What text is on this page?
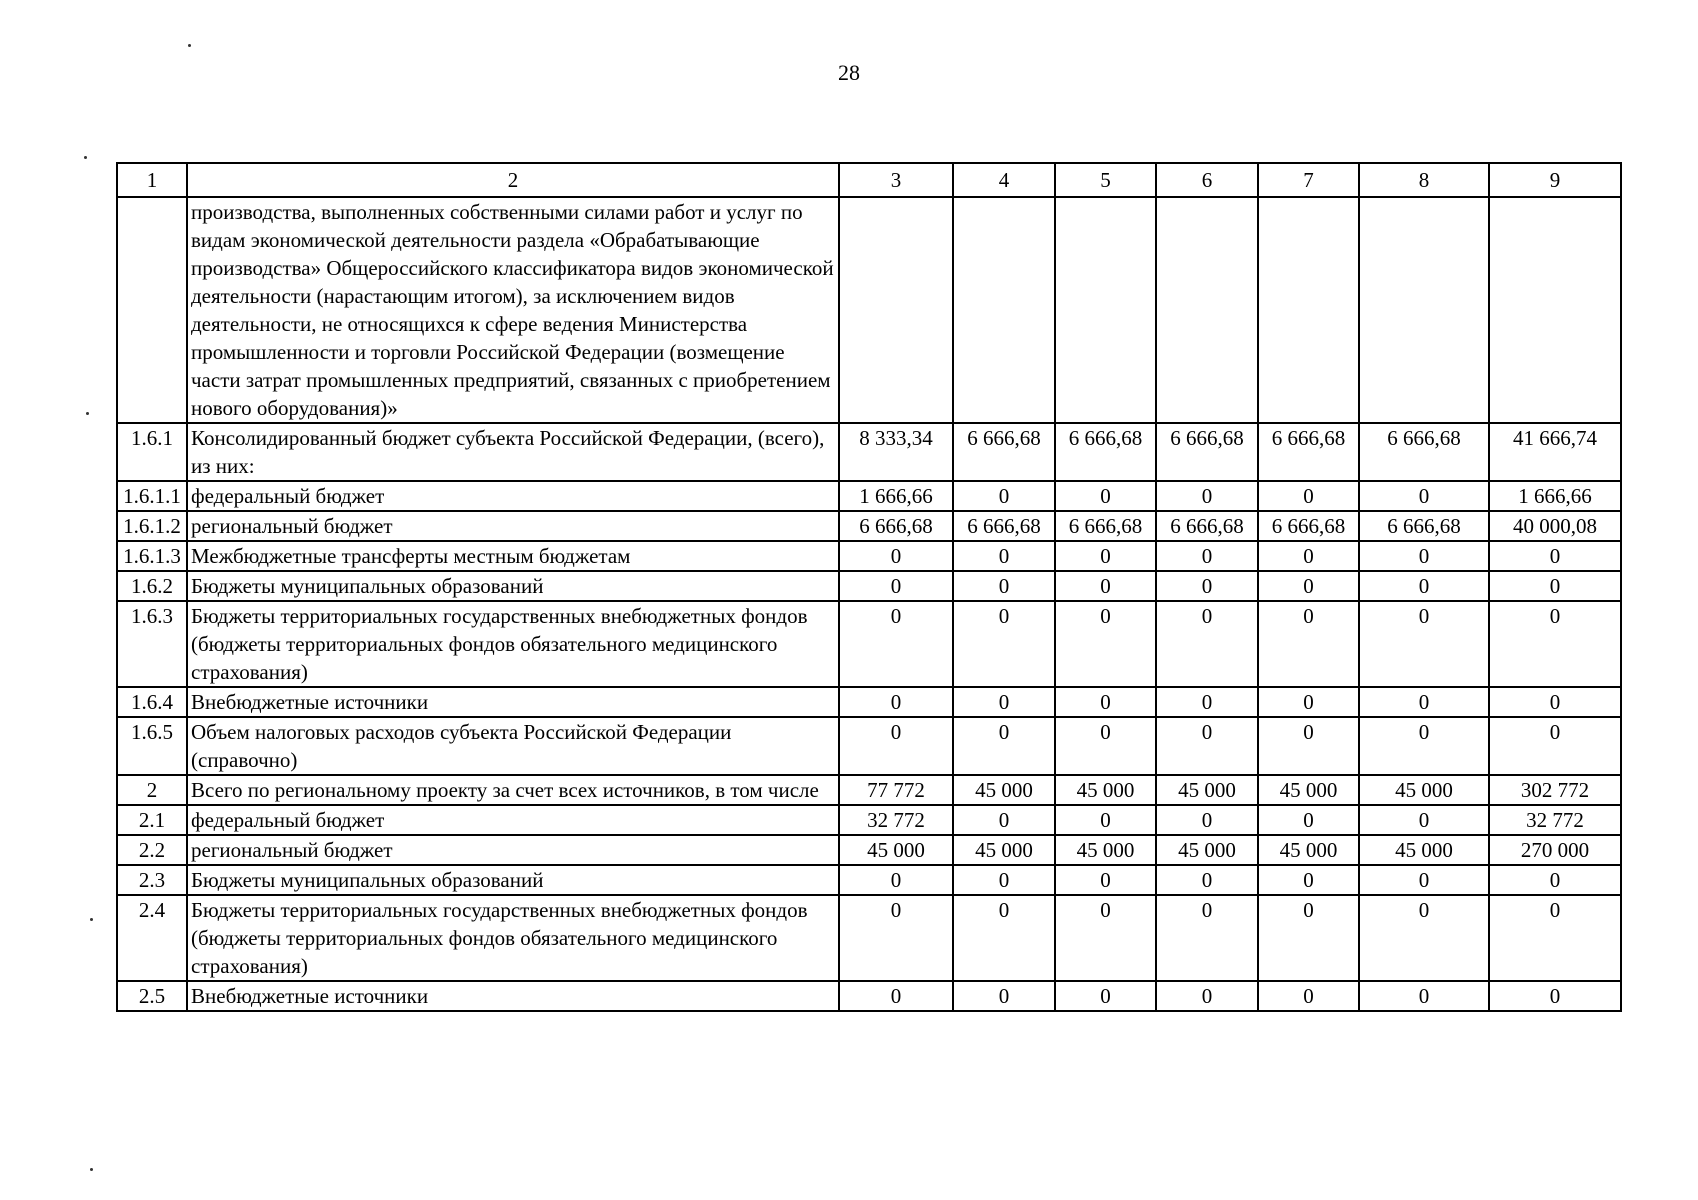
28
1	2	3	4	5	6	7	8	9
	производства, выполненных собственными силами работ и услуг по видам экономической деятельности раздела «Обрабатывающие производства» Общероссийского классификатора видов экономической деятельности (нарастающим итогом), за исключением видов деятельности, не относящихся к сфере ведения Министерства промышленности и торговли Российской Федерации (возмещение части затрат промышленных предприятий, связанных с приобретением нового оборудования)»							
1.6.1	Консолидированный бюджет субъекта Российской Федерации, (всего), из них:	8 333,34	6 666,68	6 666,68	6 666,68	6 666,68	6 666,68	41 666,74
1.6.1.1	федеральный бюджет	1 666,66	0	0	0	0	0	1 666,66
1.6.1.2	региональный бюджет	6 666,68	6 666,68	6 666,68	6 666,68	6 666,68	6 666,68	40 000,08
1.6.1.3	Межбюджетные трансферты местным бюджетам	0	0	0	0	0	0	0
1.6.2	Бюджеты муниципальных образований	0	0	0	0	0	0	0
1.6.3	Бюджеты территориальных государственных внебюджетных фондов (бюджеты территориальных фондов обязательного медицинского страхования)	0	0	0	0	0	0	0
1.6.4	Внебюджетные источники	0	0	0	0	0	0	0
1.6.5	Объем налоговых расходов субъекта Российской Федерации (справочно)	0	0	0	0	0	0	0
2	Всего по региональному проекту за счет всех источников, в том числе	77 772	45 000	45 000	45 000	45 000	45 000	302 772
2.1	федеральный бюджет	32 772	0	0	0	0	0	32 772
2.2	региональный бюджет	45 000	45 000	45 000	45 000	45 000	45 000	270 000
2.3	Бюджеты муниципальных образований	0	0	0	0	0	0	0
2.4	Бюджеты территориальных государственных внебюджетных фондов (бюджеты территориальных фондов обязательного медицинского страхования)	0	0	0	0	0	0	0
2.5	Внебюджетные источники	0	0	0	0	0	0	0
